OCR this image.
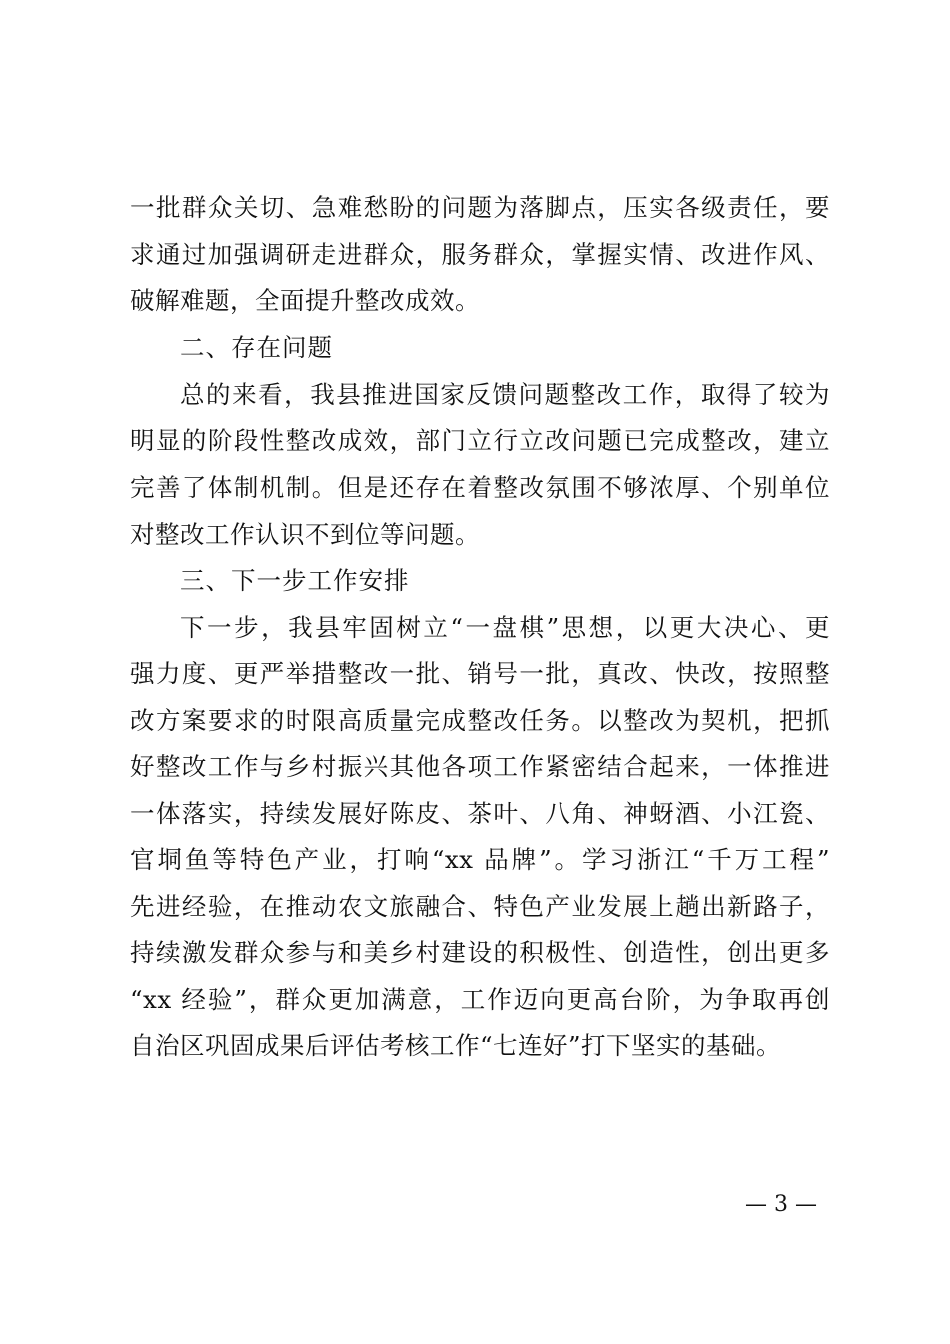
一批群众关切、急难愁盼的问题为落脚点，压实各级责任，要
求通过加强调研走进群众，服务群众，掌握实情、改进作风、
破解难题，全面提升整改成效。
二、存在问题
总的来看，我县推进国家反馈问题整改工作，取得了较为
明显的阶段性整改成效，部门立行立改问题已完成整改，建立
完善了体制机制。但是还存在着整改氛围不够浓厚、个别单位
对整改工作认识不到位等问题。
三、下一步工作安排
下一步，我县牢固树立“一盘棋”思想，以更大决心、更
强力度、更严举措整改一批、销号一批，真改、快改，按照整
改方案要求的时限高质量完成整改任务。以整改为契机，把抓
好整改工作与乡村振兴其他各项工作紧密结合起来，一体推进
一体落实，持续发展好陈皮、茶叶、八角、神蚜酒、小江瓷、
官垌鱼等特色产业，打响“xx 品牌”。学习浙江“千万工程”
先进经验，在推动农文旅融合、特色产业发展上趟出新路子，
持续激发群众参与和美乡村建设的积极性、创造性，创出更多
“xx 经验”，群众更加满意，工作迈向更高台阶，为争取再创
自治区巩固成果后评估考核工作“七连好”打下坚实的基础。
— 3 —
